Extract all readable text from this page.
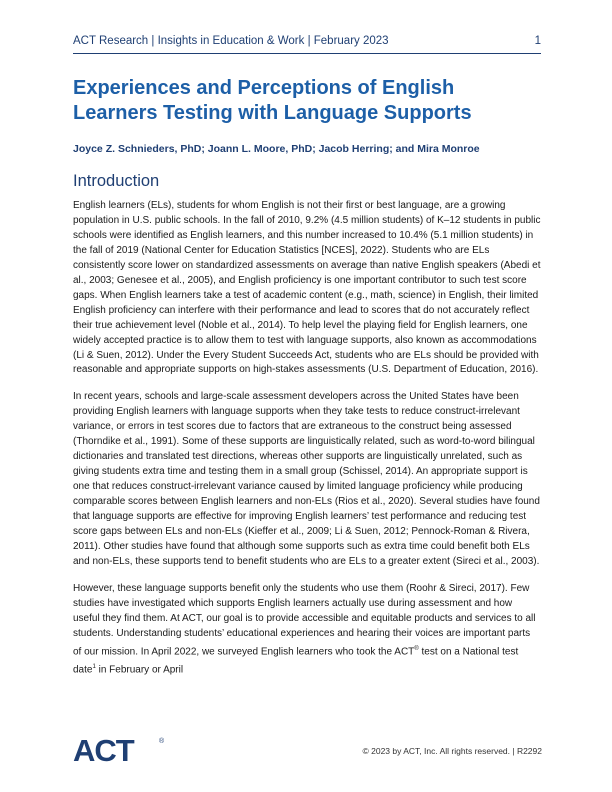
ACT Research | Insights in Education & Work | February 2023	1
Experiences and Perceptions of English Learners Testing with Language Supports
Joyce Z. Schnieders, PhD; Joann L. Moore, PhD; Jacob Herring; and Mira Monroe
Introduction

English learners (ELs), students for whom English is not their first or best language, are a growing population in U.S. public schools. In the fall of 2010, 9.2% (4.5 million students) of K–12 students in public schools were identified as English learners, and this number increased to 10.4% (5.1 million students) in the fall of 2019 (National Center for Education Statistics [NCES], 2022). Students who are ELs consistently score lower on standardized assessments on average than native English speakers (Abedi et al., 2003; Genesee et al., 2005), and English proficiency is one important contributor to such test score gaps. When English learners take a test of academic content (e.g., math, science) in English, their limited English proficiency can interfere with their performance and lead to scores that do not accurately reflect their true achievement level (Noble et al., 2014). To help level the playing field for English learners, one widely accepted practice is to allow them to test with language supports, also known as accommodations (Li & Suen, 2012). Under the Every Student Succeeds Act, students who are ELs should be provided with reasonable and appropriate supports on high-stakes assessments (U.S. Department of Education, 2016).

In recent years, schools and large-scale assessment developers across the United States have been providing English learners with language supports when they take tests to reduce construct-irrelevant variance, or errors in test scores due to factors that are extraneous to the construct being assessed (Thorndike et al., 1991). Some of these supports are linguistically related, such as word-to-word bilingual dictionaries and translated test directions, whereas other supports are linguistically unrelated, such as giving students extra time and testing them in a small group (Schissel, 2014). An appropriate support is one that reduces construct-irrelevant variance caused by limited language proficiency while producing comparable scores between English learners and non-ELs (Rios et al., 2020). Several studies have found that language supports are effective for improving English learners’ test performance and reducing test score gaps between ELs and non-ELs (Kieffer et al., 2009; Li & Suen, 2012; Pennock-Roman & Rivera, 2011). Other studies have found that although some supports such as extra time could benefit both ELs and non-ELs, these supports tend to benefit students who are ELs to a greater extent (Sireci et al., 2003).

However, these language supports benefit only the students who use them (Roohr & Sireci, 2017). Few studies have investigated which supports English learners actually use during assessment and how useful they find them. At ACT, our goal is to provide accessible and equitable products and services to all students. Understanding students’ educational experiences and hearing their voices are important parts of our mission. In April 2022, we surveyed English learners who took the ACT® test on a National test date$^1$ in February or April

ACT	®
© 2023 by ACT, Inc. All rights reserved. | R2292
